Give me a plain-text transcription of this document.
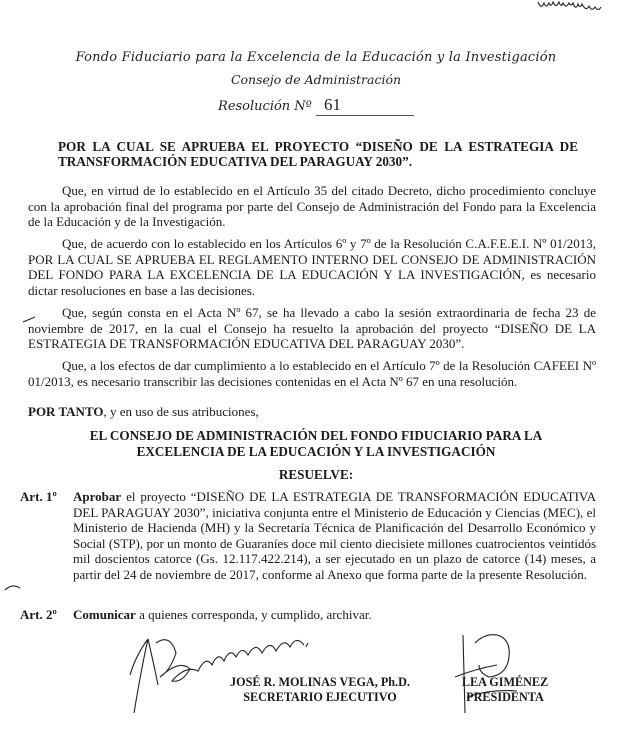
Fondo Fiduciario para la Excelencia de la Educación y la Investigación
Consejo de Administración
Resolución Nº 61
POR LA CUAL SE APRUEBA EL PROYECTO “DISEÑO DE LA ESTRATEGIA DE
TRANSFORMACIÓN EDUCATIVA DEL PARAGUAY 2030”.
Que, en virtud de lo establecido en el Artículo 35 del citado Decreto, dicho procedimiento concluye con la aprobación final del programa por parte del Consejo de Administración del Fondo para la Excelencia de la Educación y de la Investigación.
Que, de acuerdo con lo establecido en los Artículos 6º y 7º de la Resolución C.A.F.E.E.I. Nº 01/2013, POR LA CUAL SE APRUEBA EL REGLAMENTO INTERNO DEL CONSEJO DE ADMINISTRACIÓN DEL FONDO PARA LA EXCELENCIA DE LA EDUCACIÓN Y LA INVESTIGACIÓN, es necesario dictar resoluciones en base a las decisiones.
Que, según consta en el Acta Nº 67, se ha llevado a cabo la sesión extraordinaria de fecha 23 de noviembre de 2017, en la cual el Consejo ha resuelto la aprobación del proyecto “DISEÑO DE LA ESTRATEGIA DE TRANSFORMACIÓN EDUCATIVA DEL PARAGUAY 2030”.
Que, a los efectos de dar cumplimiento a lo establecido en el Artículo 7º de la Resolución CAFEEI Nº 01/2013, es necesario transcribir las decisiones contenidas en el Acta Nº 67 en una resolución.
POR TANTO, y en uso de sus atribuciones,
EL CONSEJO DE ADMINISTRACIÓN DEL FONDO FIDUCIARIO PARA LA
EXCELENCIA DE LA EDUCACIÓN Y LA INVESTIGACIÓN
RESUELVE:
Art. 1º Aprobar el proyecto “DISEÑO DE LA ESTRATEGIA DE TRANSFORMACIÓN EDUCATIVA DEL PARAGUAY 2030”, iniciativa conjunta entre el Ministerio de Educación y Ciencias (MEC), el Ministerio de Hacienda (MH) y la Secretaría Técnica de Planificación del Desarrollo Económico y Social (STP), por un monto de Guaraníes doce mil ciento diecisiete millones cuatrocientos veintidós mil doscientos catorce (Gs. 12.117.422.214), a ser ejecutado en un plazo de catorce (14) meses, a partir del 24 de noviembre de 2017, conforme al Anexo que forma parte de la presente Resolución.
Art. 2º Comunicar a quienes corresponda, y cumplido, archivar.
JOSÉ R. MOLINAS VEGA, Ph.D.
SECRETARIO EJECUTIVO
LEA GIMÉNEZ
PRESIDENTA
